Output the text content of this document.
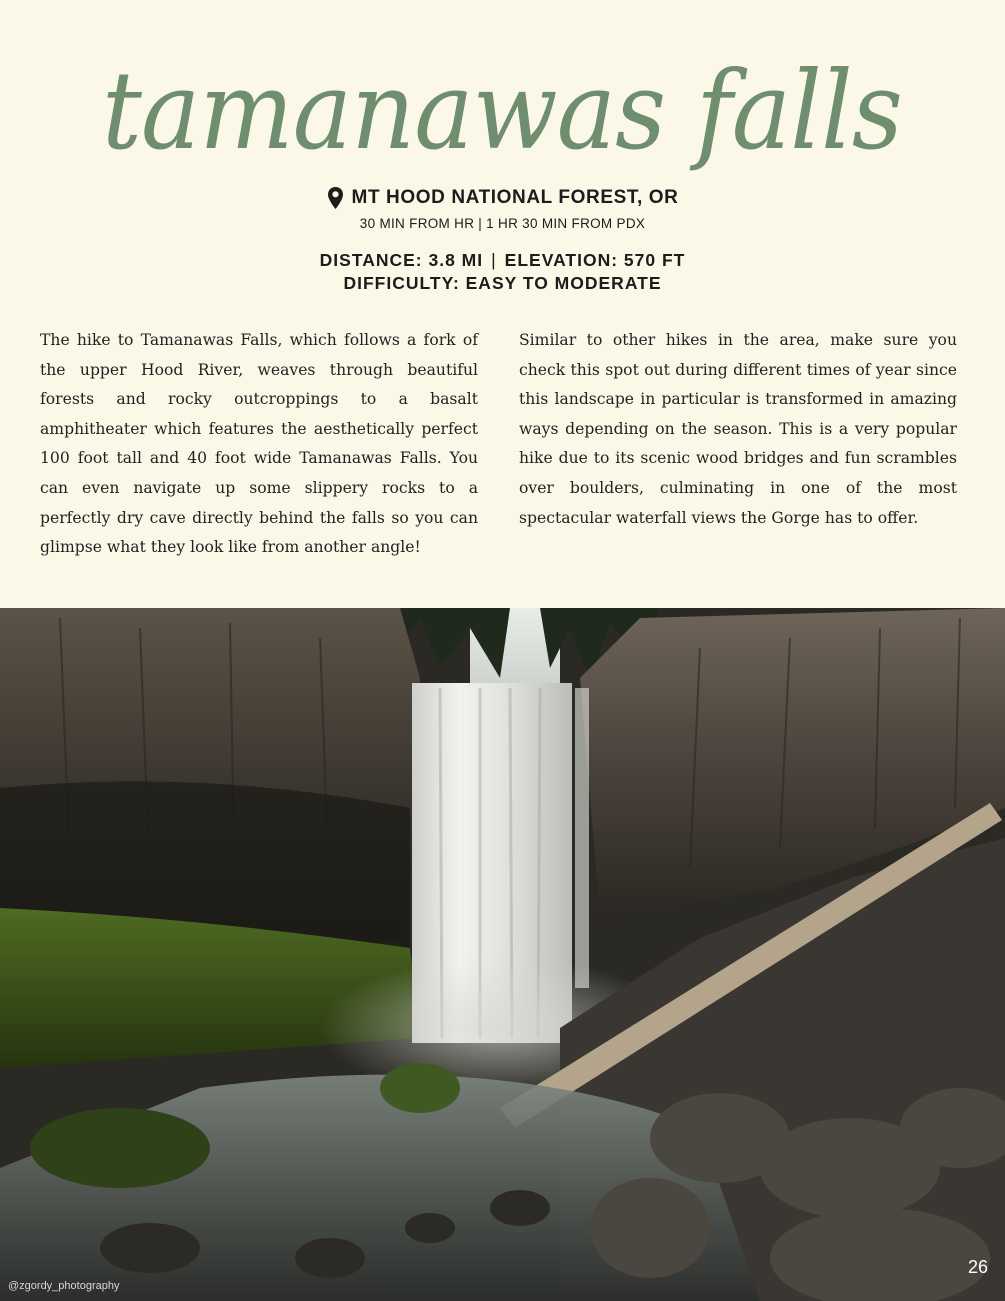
tamanawas falls
MT HOOD NATIONAL FOREST, OR
30 MIN FROM HR | 1 HR 30 MIN FROM PDX
DISTANCE: 3.8 MI | ELEVATION: 570 FT
DIFFICULTY: EASY TO MODERATE

The hike to Tamanawas Falls, which follows a fork of the upper Hood River, weaves through beautiful forests and rocky outcroppings to a basalt amphitheater which features the aesthetically perfect 100 foot tall and 40 foot wide Tamanawas Falls. You can even navigate up some slippery rocks to a perfectly dry cave directly behind the falls so you can glimpse what they look like from another angle!

Similar to other hikes in the area, make sure you check this spot out during different times of year since this landscape in particular is transformed in amazing ways depending on the season. This is a very popular hike due to its scenic wood bridges and fun scrambles over boulders, culminating in one of the most spectacular waterfall views the Gorge has to offer.

@zgordy_photography
26
